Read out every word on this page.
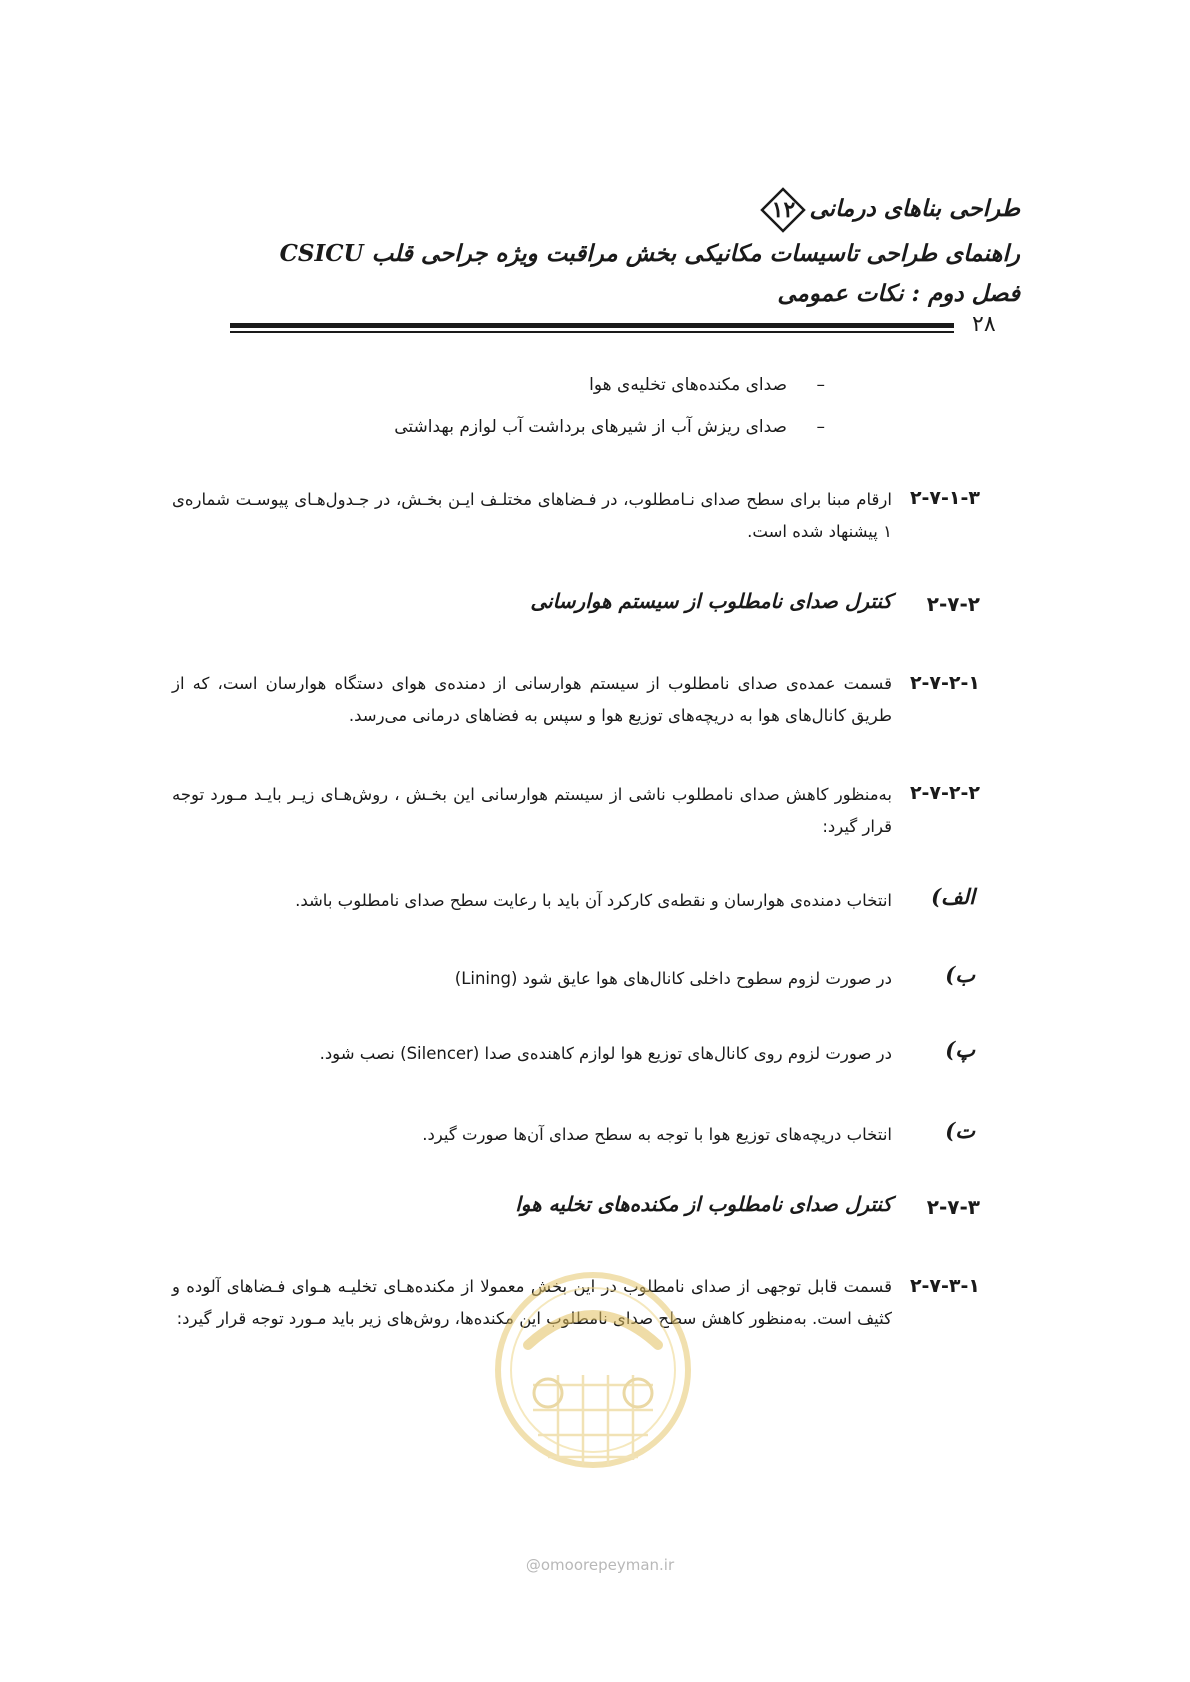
طراحی بناهای درمانی
۱۲
راهنمای طراحی تاسیسات مکانیکی بخش مراقبت ویژه جراحی قلب CSICU
فصل دوم : نکات عمومی
۲۸
–صدای مکنده‌های تخلیه‌ی هوا
–صدای ریزش آب از شیرهای برداشت آب لوازم بهداشتی
۲-۷-۱-۳
ارقام مبنا برای سطح صدای نـامطلوب، در فـضاهای مختلـف ایـن بخـش، در جـدول‌هـای پیوسـت شماره‌ی ۱ پیشنهاد شده است.
۲-۷-۲
کنترل صدای نامطلوب از سیستم هوارسانی
۲-۷-۲-۱
قسمت عمده‌ی صدای نامطلوب از سیستم هوارسانی از دمنده‌ی هوای دستگاه هوارسان است، که از طریق کانال‌های هوا به دریچه‌های توزیع هوا و سپس به فضاهای درمانی می‌رسد.
۲-۷-۲-۲
به‌منظور کاهش صدای نامطلوب ناشی از سیستم هوارسانی این بخـش ، روش‌هـای زیـر بایـد مـورد توجه قرار گیرد:
الف)
انتخاب دمنده‌ی هوارسان و نقطه‌ی کارکرد آن باید با رعایت سطح صدای نامطلوب باشد.
ب)
در صورت لزوم سطوح داخلی کانال‌های هوا عایق شود (Lining)
پ)
در صورت لزوم روی کانال‌های توزیع هوا لوازم کاهنده‌ی صدا (Silencer) نصب شود.
ت)
انتخاب دریچه‌های توزیع هوا با توجه به سطح صدای آن‌ها صورت گیرد.
۲-۷-۳
کنترل صدای نامطلوب از مکنده‌های تخلیه هوا
۲-۷-۳-۱
قسمت قابل توجهی از صدای نامطلوب در این بخش معمولا از مکنده‌هـای تخلیـه هـوای فـضاهای آلوده و کثیف است. به‌منظور کاهش سطح صدای نامطلوب این مکنده‌ها، روش‌های زیر باید مـورد توجه قرار گیرد:
@omoorepeyman.ir
